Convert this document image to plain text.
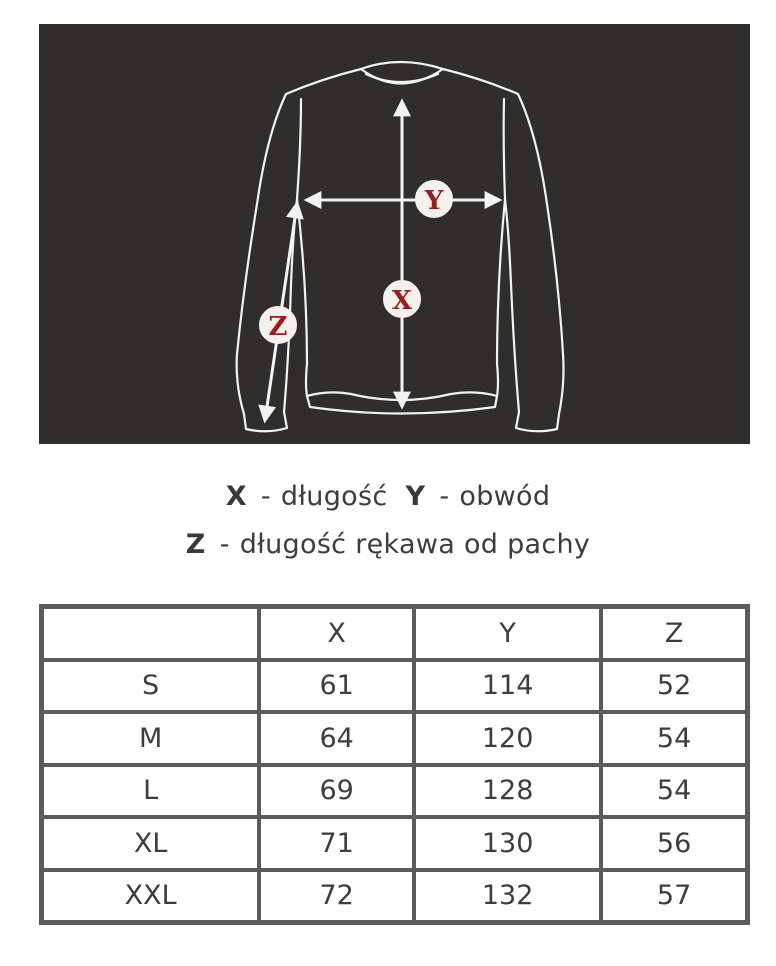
Y
X
Z
X - długość Y - obwód
Z - długość rękawa od pachy
	X	Y	Z
S	61	114	52
M	64	120	54
L	69	128	54
XL	71	130	56
XXL	72	132	57
